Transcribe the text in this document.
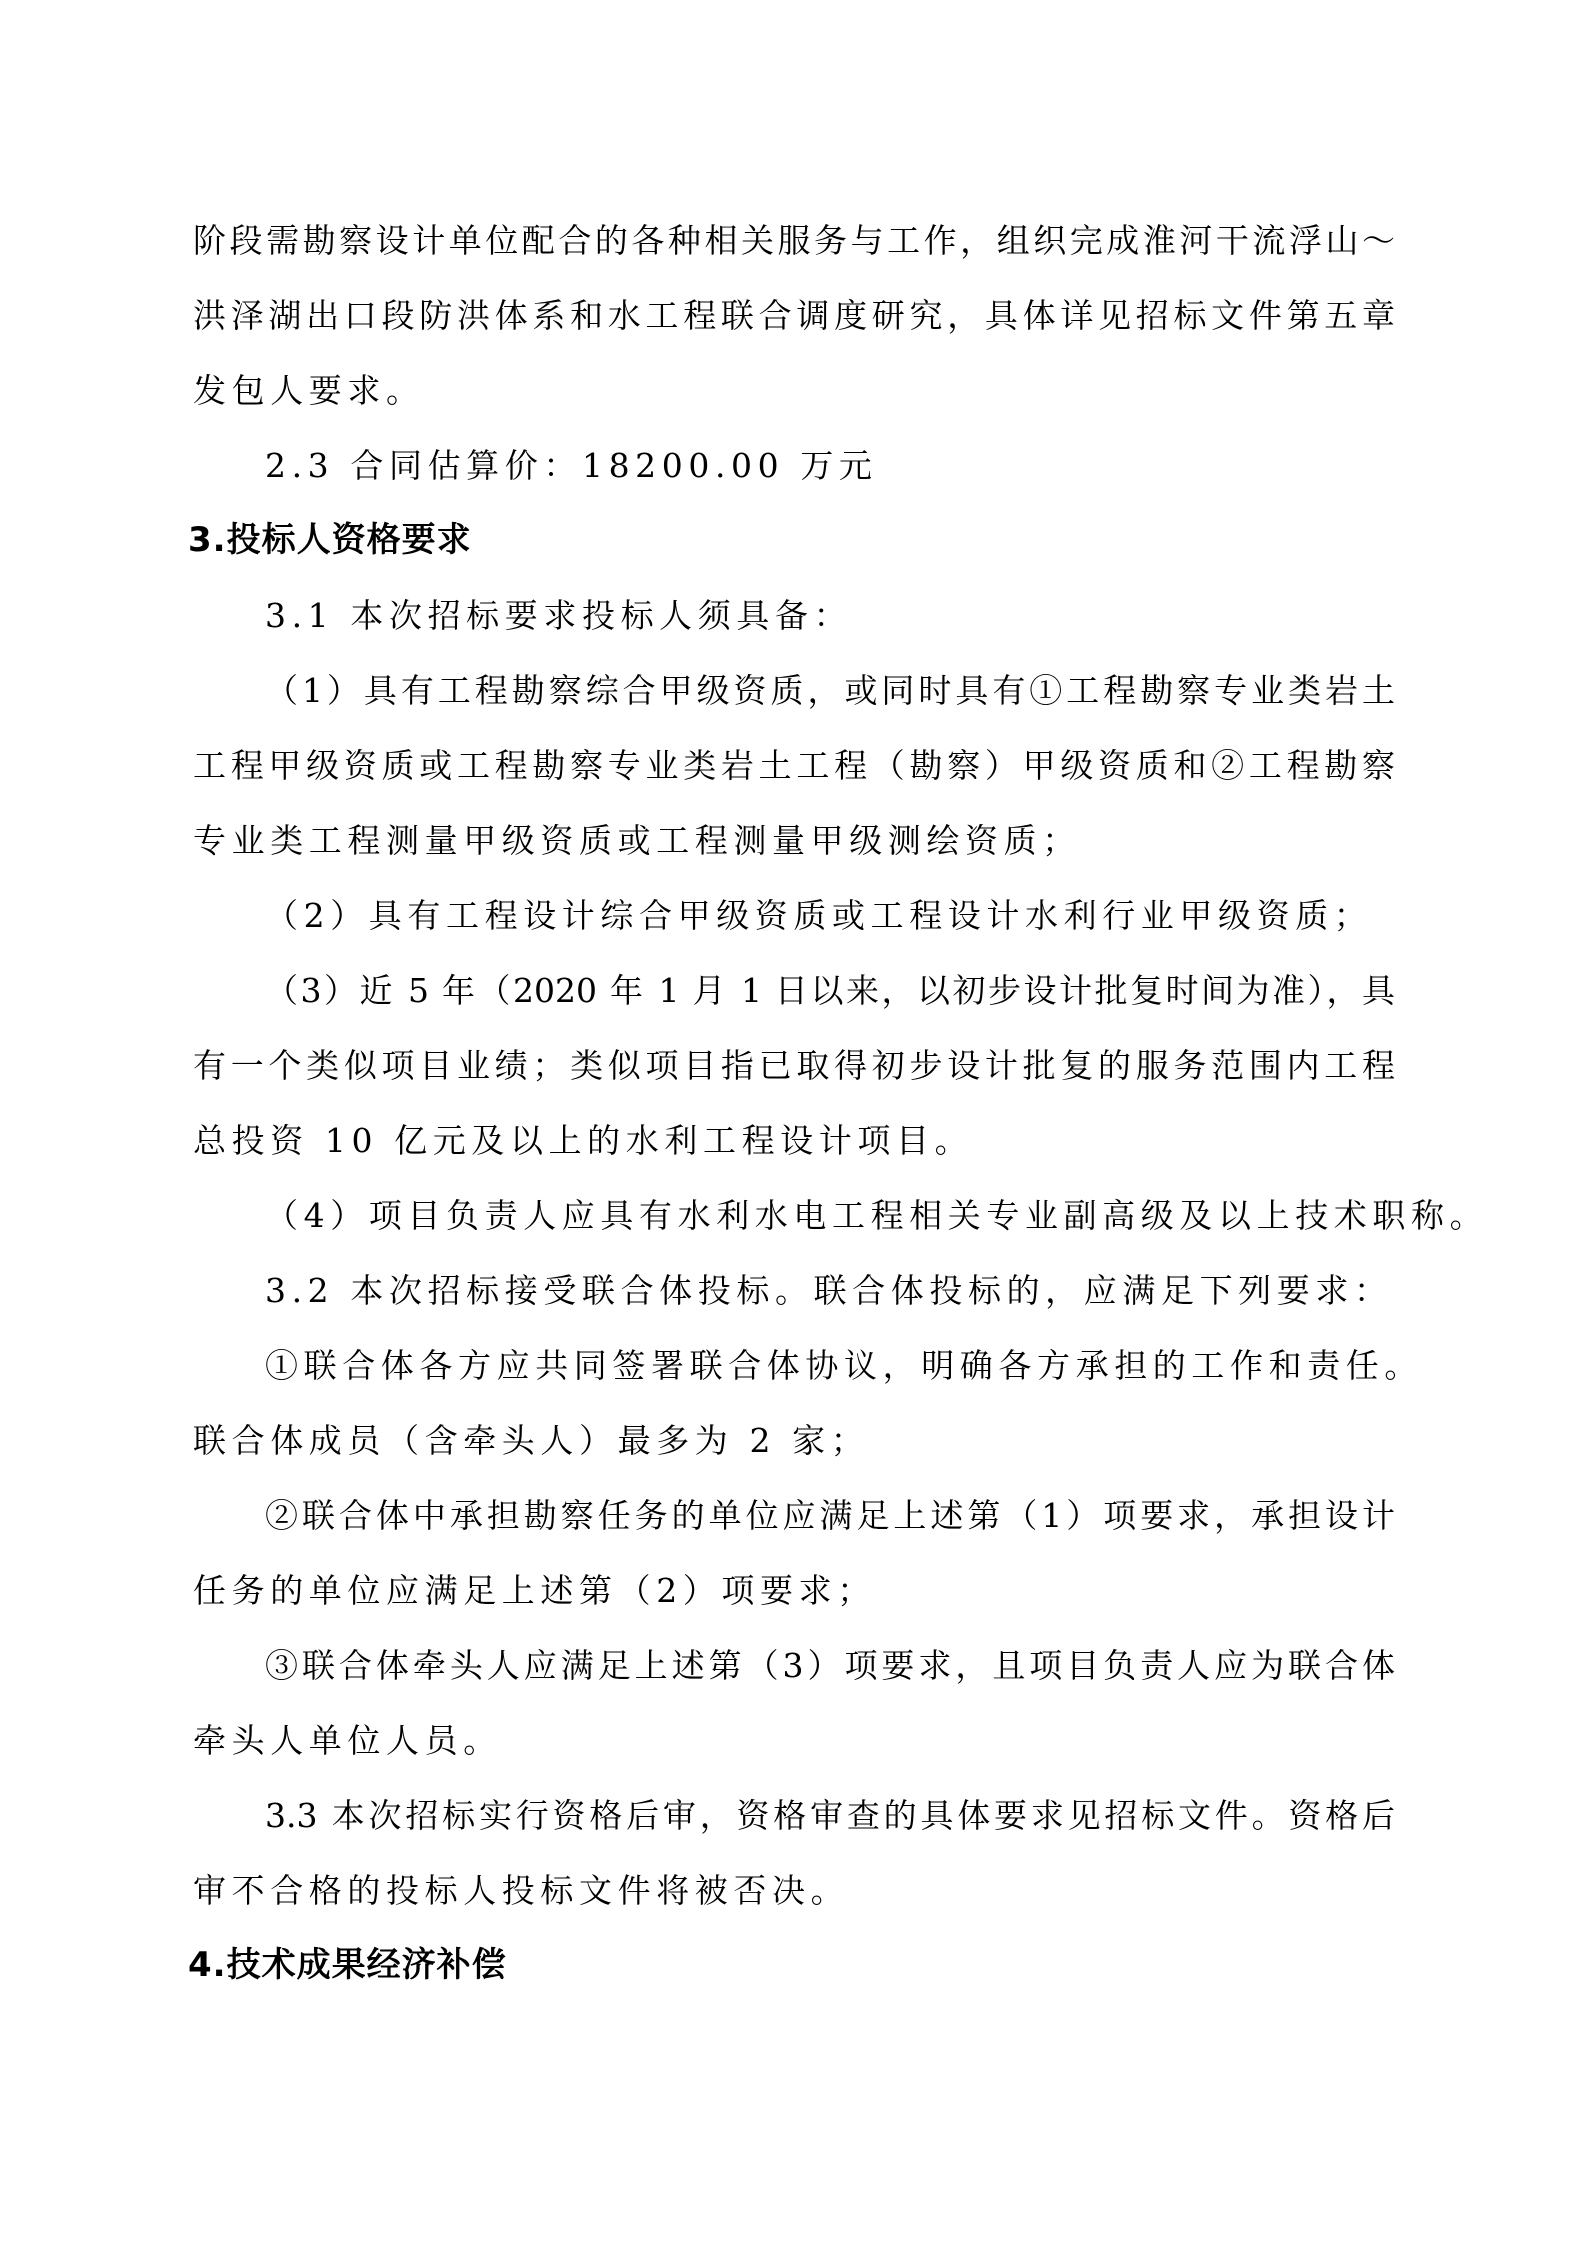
阶段需勘察设计单位配合的各种相关服务与工作，组织完成淮河干流浮山～
洪泽湖出口段防洪体系和水工程联合调度研究，具体详见招标文件第五章
发包人要求。
2.3 合同估算价：18200.00 万元
3.投标人资格要求
3.1 本次招标要求投标人须具备：
（1）具有工程勘察综合甲级资质，或同时具有①工程勘察专业类岩土
工程甲级资质或工程勘察专业类岩土工程（勘察）甲级资质和②工程勘察
专业类工程测量甲级资质或工程测量甲级测绘资质；
（2）具有工程设计综合甲级资质或工程设计水利行业甲级资质；
（3）近 5 年（2020 年 1 月 1 日以来，以初步设计批复时间为准），具
有一个类似项目业绩；类似项目指已取得初步设计批复的服务范围内工程
总投资 10 亿元及以上的水利工程设计项目。
（4）项目负责人应具有水利水电工程相关专业副高级及以上技术职称。
3.2 本次招标接受联合体投标。联合体投标的，应满足下列要求：
①联合体各方应共同签署联合体协议，明确各方承担的工作和责任。
联合体成员（含牵头人）最多为 2 家；
②联合体中承担勘察任务的单位应满足上述第（1）项要求，承担设计
任务的单位应满足上述第（2）项要求；
③联合体牵头人应满足上述第（3）项要求，且项目负责人应为联合体
牵头人单位人员。
3.3 本次招标实行资格后审，资格审查的具体要求见招标文件。资格后
审不合格的投标人投标文件将被否决。
4.技术成果经济补偿
